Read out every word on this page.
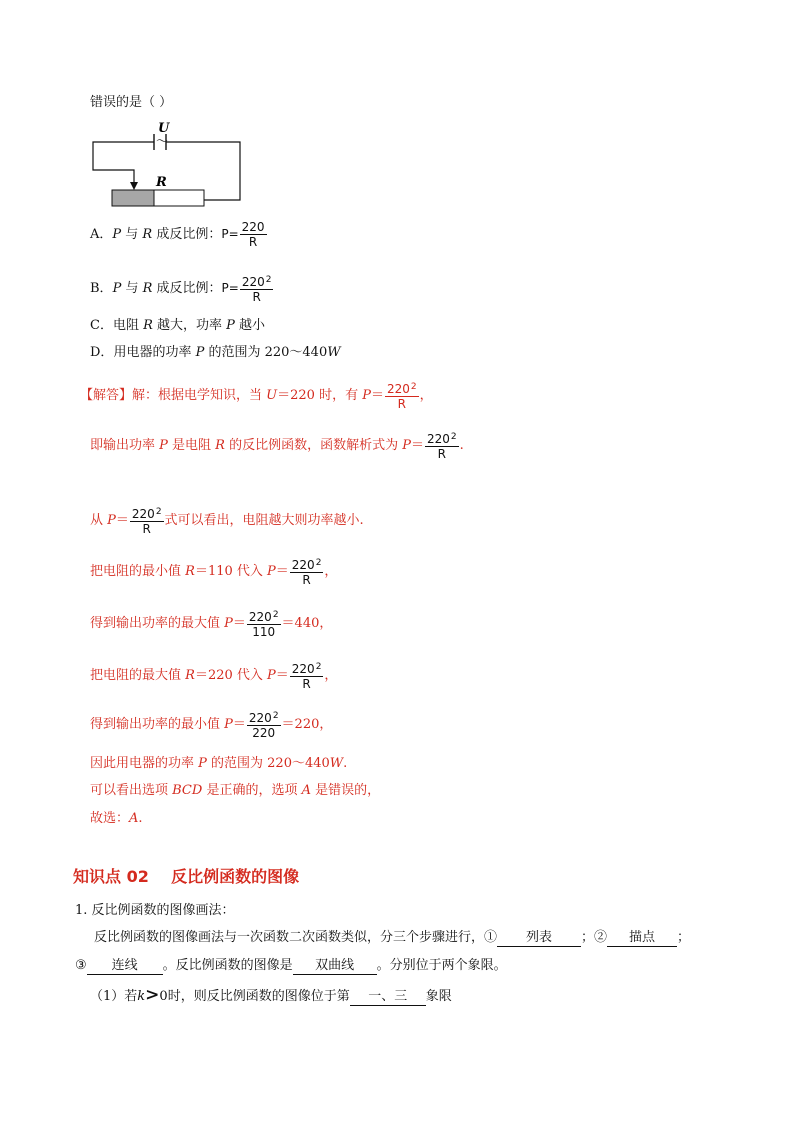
错误的是（ ）
～
U
R
A．P 与 R 成反比例：$P= \frac{220}{R}$
B．P 与 R 成反比例：$P= \frac{220^2}{R}$
C．电阻 R 越大，功率 P 越小
D．用电器的功率 P 的范围为 220～440W
【解答】解：根据电学知识，当 U＝220 时，有 $P= \frac{220^2}{R}$ ，
即输出功率 P 是电阻 R 的反比例函数，函数解析式为 $P= \frac{220^2}{R}$ .
从 $P= \frac{220^2}{R}$ 式可以看出，电阻越大则功率越小.
把电阻的最小值 R＝110 代入 $P= \frac{220^2}{R}$ ，
得到输出功率的最大值 $P= \frac{220^2}{110} =440$，
把电阻的最大值 R＝220 代入 $P= \frac{220^2}{R}$ ，
得到输出功率的最小值 $P= \frac{220^2}{220} =220$，
因此用电器的功率 P 的范围为 220～440W.
可以看出选项 BCD 是正确的，选项 A 是错误的，
故选：A.
知识点 02    反比例函数的图像
1. 反比例函数的图像画法：
反比例函数的图像画法与一次函数二次函数类似，分三个步骤进行，① 列表 ；② 描点 ；
③ 连线 。反比例函数的图像是 双曲线 。分别位于两个象限。
（1）若k>0时，则反比例函数的图像位于第 一、三 象限
